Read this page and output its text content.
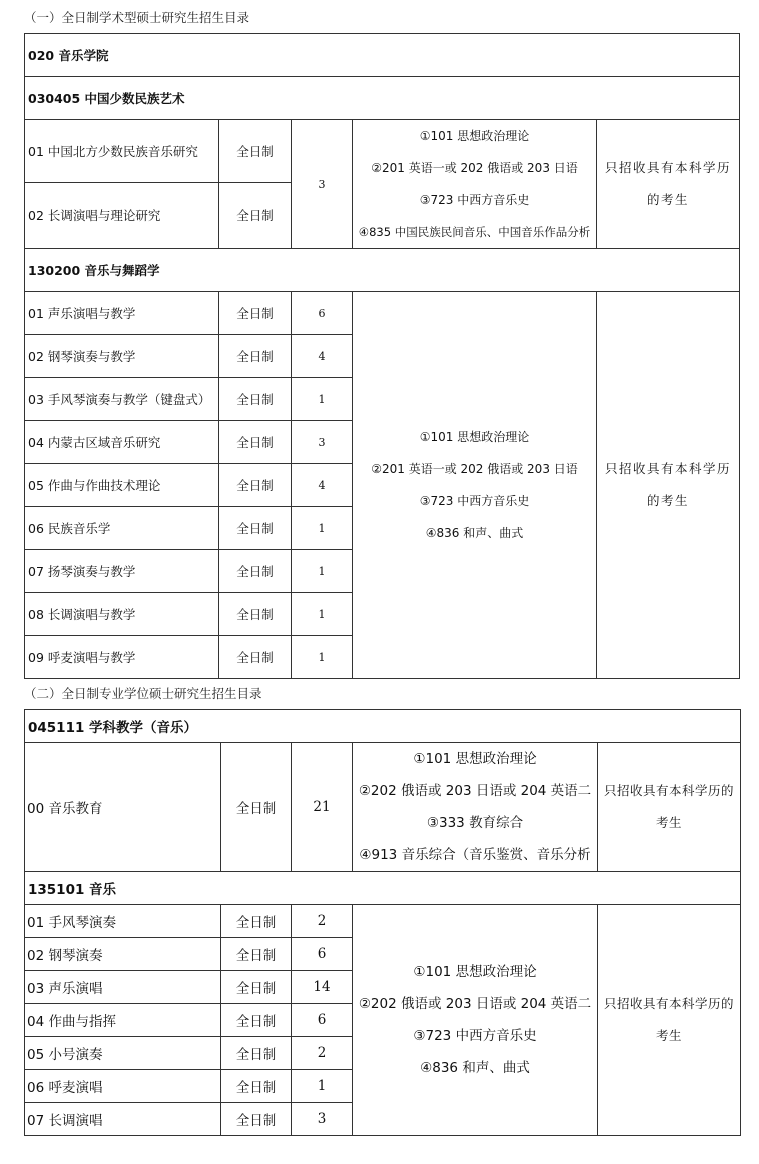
（一）全日制学术型硕士研究生招生目录
020 音乐学院				
030405 中国少数民族艺术				
01 中国北方少数民族音乐研究	全日制	3	①101 思想政治理论
②201 英语一或 202 俄语或 203 日语
③723 中西方音乐史
④835 中国民族民间音乐、中国音乐作品分析	只招收具有本科学历的考生
02 长调演唱与理论研究	全日制			
130200 音乐与舞蹈学				
01 声乐演唱与教学	全日制	6	①101 思想政治理论
②201 英语一或 202 俄语或 203 日语
③723 中西方音乐史
④836 和声、曲式	只招收具有本科学历的考生
02 钢琴演奏与教学	全日制	4		
03 手风琴演奏与教学（键盘式）	全日制	1		
04 内蒙古区域音乐研究	全日制	3		
05 作曲与作曲技术理论	全日制	4		
06 民族音乐学	全日制	1		
07 扬琴演奏与教学	全日制	1		
08 长调演唱与教学	全日制	1		
09 呼麦演唱与教学	全日制	1		
（二）全日制专业学位硕士研究生招生目录
045111 学科教学（音乐）				
00 音乐教育	全日制	21	①101 思想政治理论
②202 俄语或 203 日语或 204 英语二
③333 教育综合
④913 音乐综合（音乐鉴赏、音乐分析	只招收具有本科学历的考生
135101 音乐				
01 手风琴演奏	全日制	2	①101 思想政治理论
②202 俄语或 203 日语或 204 英语二
③723 中西方音乐史
④836 和声、曲式	只招收具有本科学历的考生
02 钢琴演奏	全日制	6		
03 声乐演唱	全日制	14		
04 作曲与指挥	全日制	6		
05 小号演奏	全日制	2		
06 呼麦演唱	全日制	1		
07 长调演唱	全日制	3		
